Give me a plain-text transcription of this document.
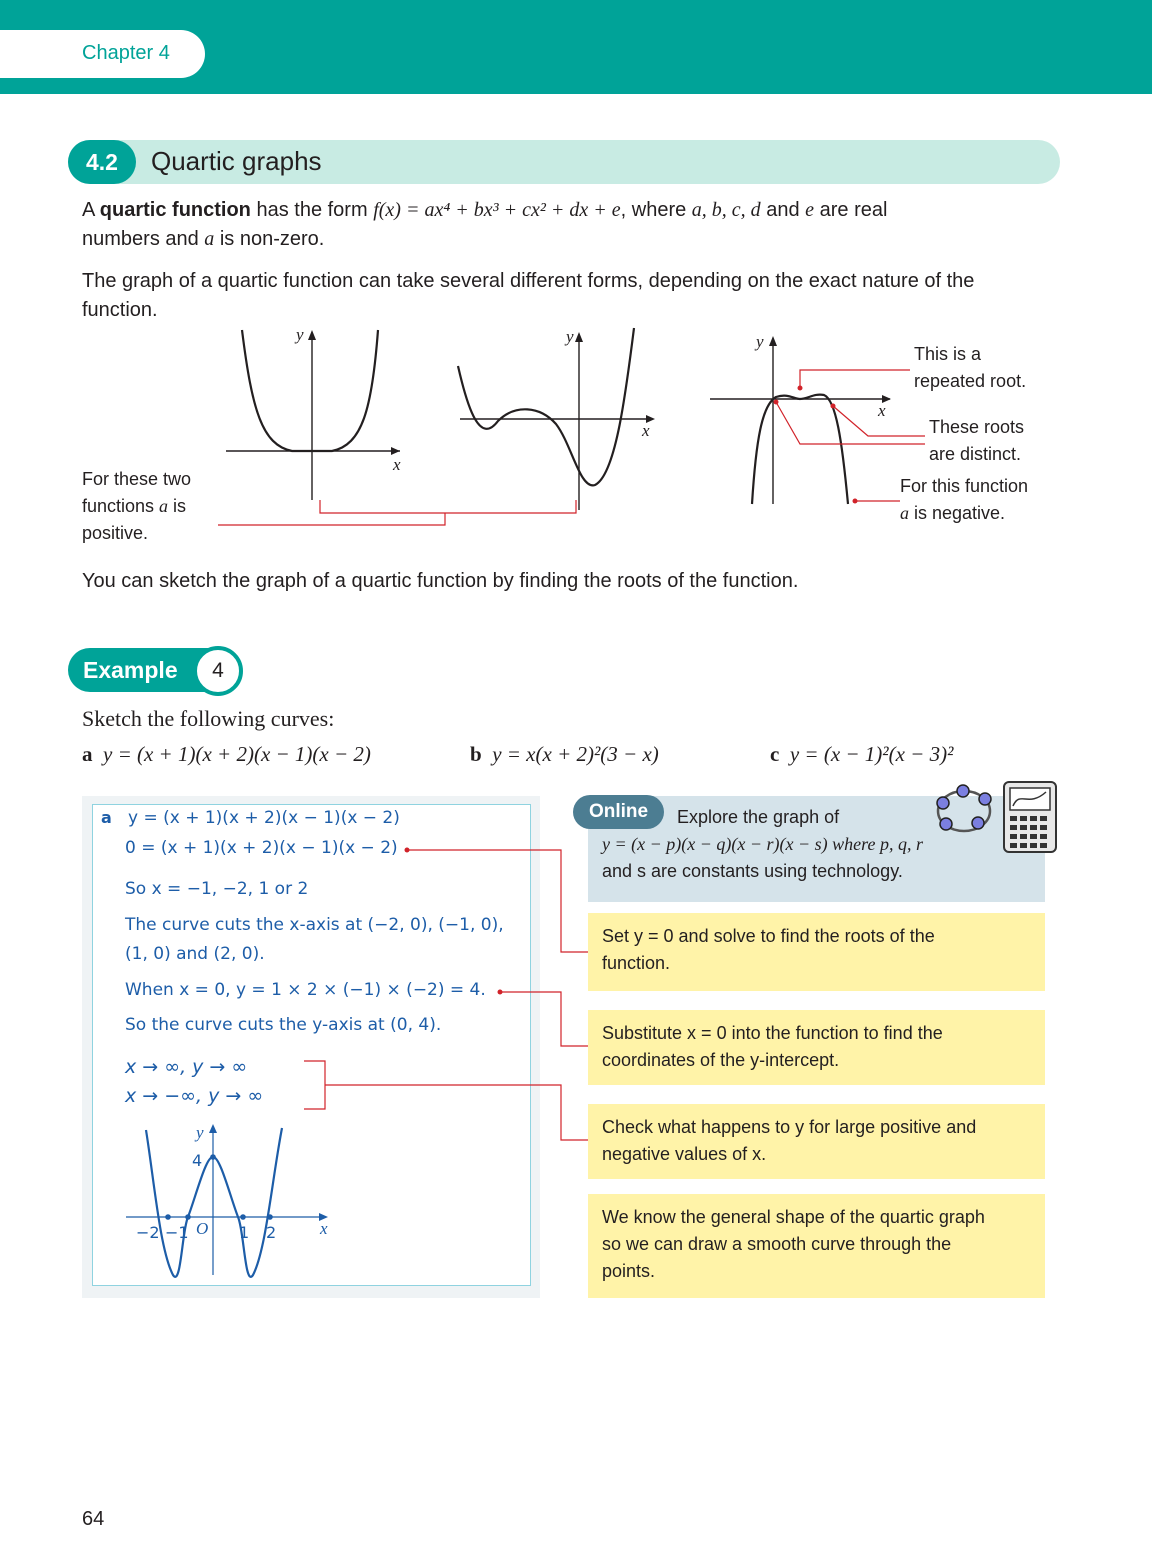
Chapter 4
4.2	Quartic graphs
A quartic function has the form f(x) = ax⁴ + bx³ + cx² + dx + e, where a, b, c, d and e are real
numbers and a is non-zero.
The graph of a quartic function can take several different forms, depending on the exact nature of the
function.
x
y
x
y
x
y
For these two
functions a is
positive.
This is a
repeated root.
These roots
are distinct.
For this function
a is negative.
You can sketch the graph of a quartic function by finding the roots of the function.
Example	4
Sketch the following curves:
a y = (x + 1)(x + 2)(x − 1)(x − 2)	b y = x(x + 2)²(3 − x)	c y = (x − 1)²(x − 3)²
a y = (x + 1)(x + 2)(x − 1)(x − 2)
0 = (x + 1)(x + 2)(x − 1)(x − 2)
So x = −1, −2, 1 or 2
The curve cuts the x-axis at (−2, 0), (−1, 0),
(1, 0) and (2, 0).
When x = 0, y = 1 × 2 × (−1) × (−2) = 4.
So the curve cuts the y-axis at (0, 4).
x → ∞, y → ∞
x → −∞, y → ∞
4
−2 −1	1 2
y
O	x
Online	Explore the graph of
y = (x − p)(x − q)(x − r)(x − s) where p, q, r
and s are constants using technology.
Set y = 0 and solve to find the roots of the
function.
Substitute x = 0 into the function to find the
coordinates of the y-intercept.
Check what happens to y for large positive and
negative values of x.
We know the general shape of the quartic graph
so we can draw a smooth curve through the
points.
64
